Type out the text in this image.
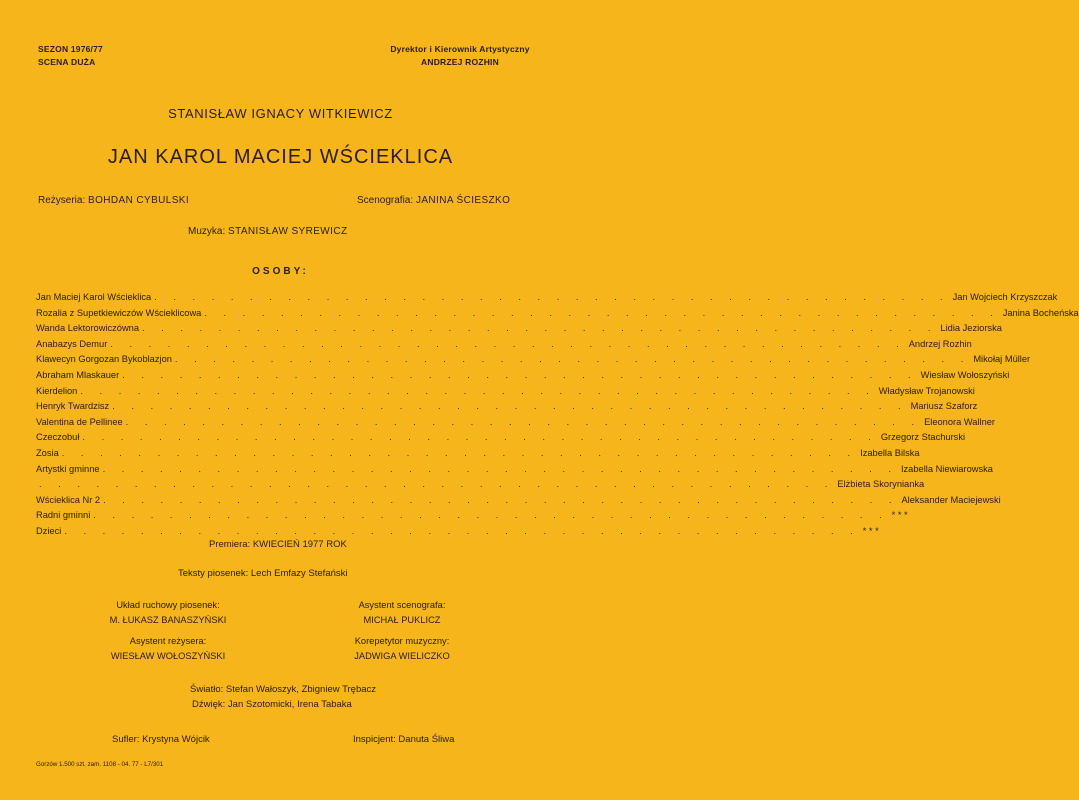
SEZON 1976/77
SCENA DUŻA
Dyrektor i Kierownik Artystyczny
ANDRZEJ ROZHIN
STANISŁAW IGNACY WITKIEWICZ
JAN KAROL MACIEJ WŚCIEKLICA
Reżyseria: BOHDAN CYBULSKI	Scenografia: JANINA ŚCIESZKO
Muzyka: STANISŁAW SYREWICZ
OSOBY:
Jan Maciej Karol Wścieklica . . . . . . . . . . . . . . . . . . . . . . . . . . . . . . . . . . . . . . . . . . Jan Wojciech Krzyszczak
Rozalia z Supetkiewiczów Wścieklicowa . . . . . . . . . . . . . . . . . . . . . . . . . . . . . . . . . . . . . . . . . . Janina Bocheńska
Wanda Lektorowiczówna . . . . . . . . . . . . . . . . . . . . . . . . . . . . . . . . . . . . . . . . . . Lidia Jeziorska
Anabazys Demur . . . . . . . . . . . . . . . . . . . . . . . . . . . . . . . . . . . . . . . . . . Andrzej Rozhin
Klawecyn Gorgozan Bykoblazjon . . . . . . . . . . . . . . . . . . . . . . . . . . . . . . . . . . . . . . . . . . Mikołaj Müller
Abraham Mlaskauer . . . . . . . . . . . . . . . . . . . . . . . . . . . . . . . . . . . . . . . . . . Wiesław Wołoszyński
Kierdelion . . . . . . . . . . . . . . . . . . . . . . . . . . . . . . . . . . . . . . . . . . Władysław Trojanowski
Henryk Twardzisz . . . . . . . . . . . . . . . . . . . . . . . . . . . . . . . . . . . . . . . . . . Mariusz Szaforz
Valentina de Pellinee . . . . . . . . . . . . . . . . . . . . . . . . . . . . . . . . . . . . . . . . . . Eleonora Wallner
Czeczobuł . . . . . . . . . . . . . . . . . . . . . . . . . . . . . . . . . . . . . . . . . . Grzegorz Stachurski
Zosia . . . . . . . . . . . . . . . . . . . . . . . . . . . . . . . . . . . . . . . . . . Izabella Bilska
Artystki gminne . . . . . . . . . . . . . . . . . . . . . . . . . . . . . . . . . . . . . . . . . . Izabella Niewiarowska
. . . . . . . . . . . . . . . . . . . . . . . . . . . . . . . . . . . . . . . . . . Elżbieta Skorynianka
Wścieklica Nr 2 . . . . . . . . . . . . . . . . . . . . . . . . . . . . . . . . . . . . . . . . . . Aleksander Maciejewski
Radni gminni . . . . . . . . . . . . . . . . . . . . . . . . . . . . . . . . . . . . . . . . . . * * *
Dzieci . . . . . . . . . . . . . . . . . . . . . . . . . . . . . . . . . . . . . . . . . . * * *
Premiera: KWIECIEŃ 1977 ROK
Teksty piosenek: Lech Emfazy Stefański
Układ ruchowy piosenek:
M. ŁUKASZ BANASZYŃSKI
Asystent scenografa:
MICHAŁ PUKLICZ
Asystent reżysera:
WIESŁAW WOŁOSZYŃSKI
Korepetytor muzyczny:
JADWIGA WIELICZKO
Światło: Stefan Wałoszyk, Zbigniew Trębacz
Dźwięk: Jan Szotomicki, Irena Tabaka
Sufler: Krystyna Wójcik	Inspicjent: Danuta Śliwa
Gorzów 1.500 szt. zam. 1108 - 04. 77 - L7/301
